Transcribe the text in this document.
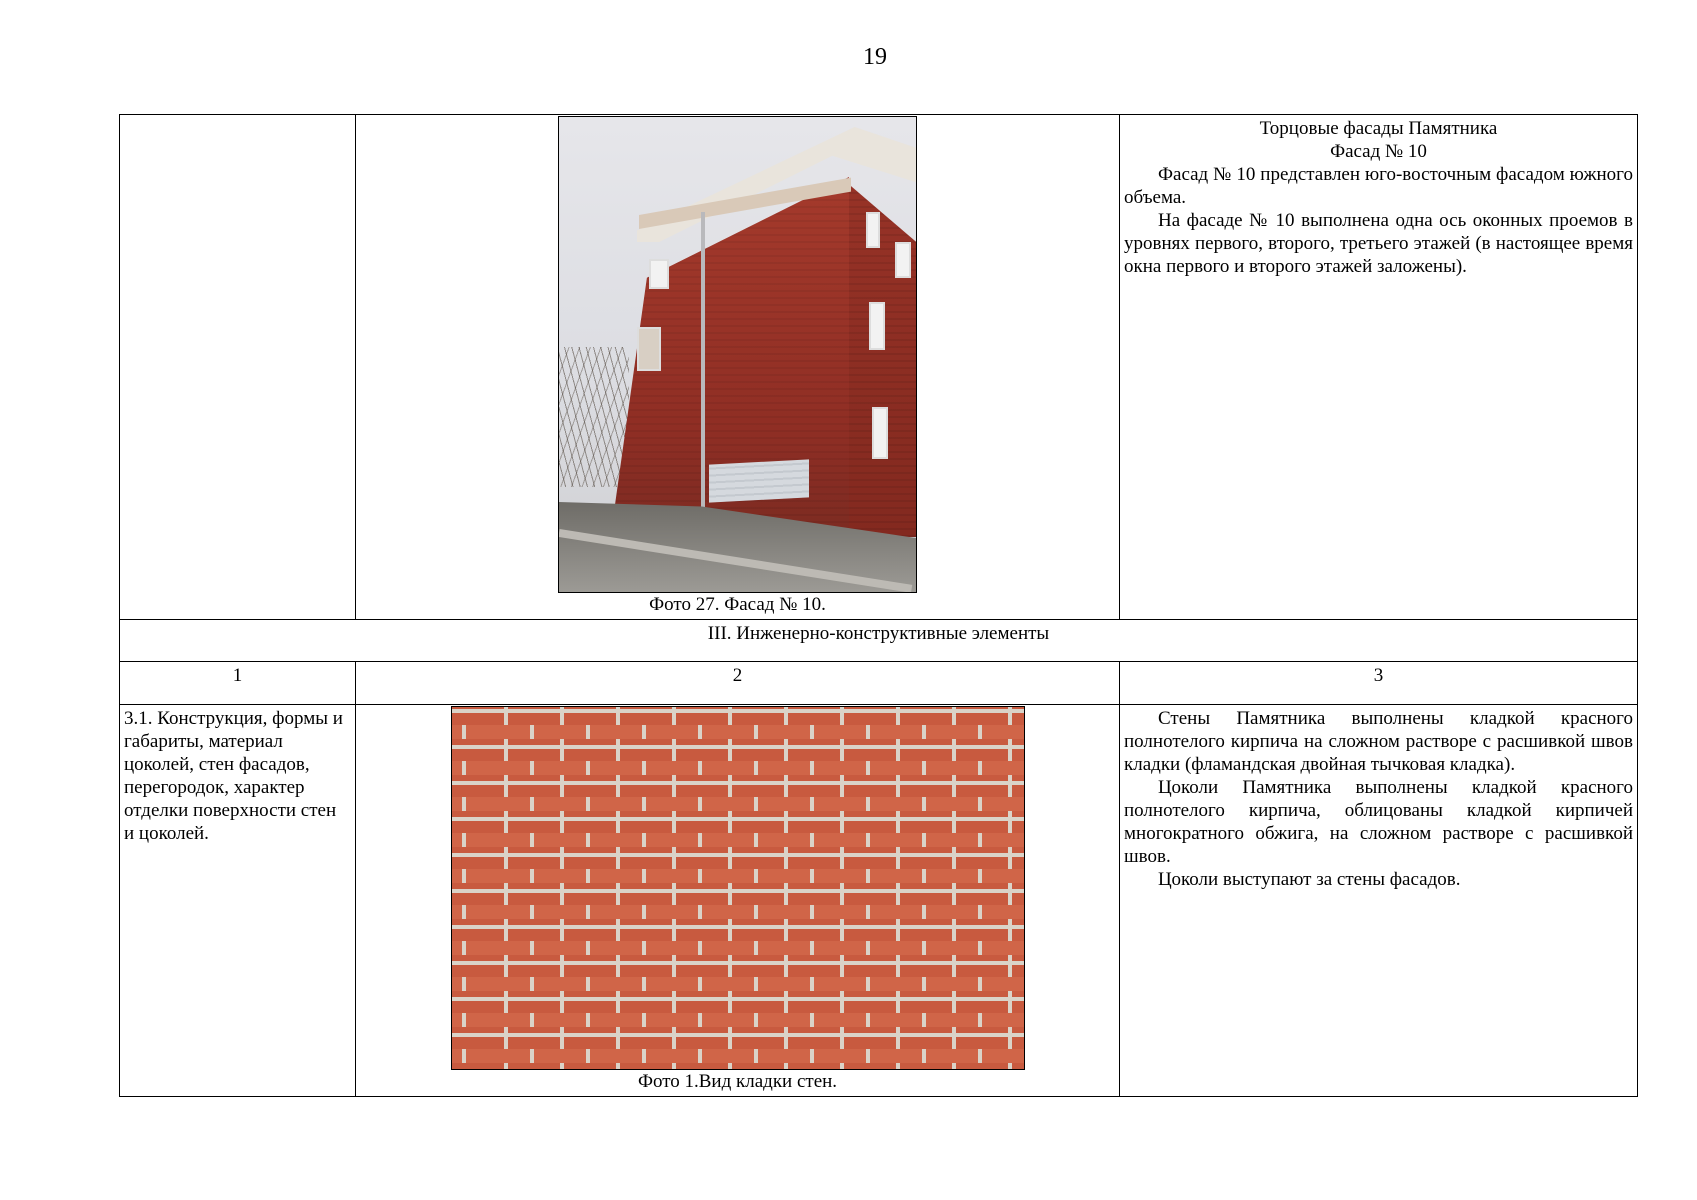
19

	Фото 27. Фасад № 10.	Торцовые фасады Памятника

Фасад № 10

Фасад № 10 представлен юго-восточным фасадом южного объема.

На фасаде № 10 выполнена одна ось оконных проемов в уровнях первого, второго, третьего этажей (в настоящее время окна первого и второго этажей заложены).

III. Инженерно-конструктивные элементы		
1	2	3
3.1. Конструкция, формы и габариты, материал цоколей, стен фасадов, перегородок, характер отделки поверхности стен и цоколей.	Фото 1.Вид кладки стен.	Стены Памятника выполнены кладкой красного полнотелого кирпича на сложном растворе с расшивкой швов кладки (фламандская двойная тычковая кладка).

Цоколи Памятника выполнены кладкой красного полнотелого кирпича, облицованы кладкой кирпичей многократного обжига, на сложном растворе с расшивкой швов.

Цоколи выступают за стены фасадов.
